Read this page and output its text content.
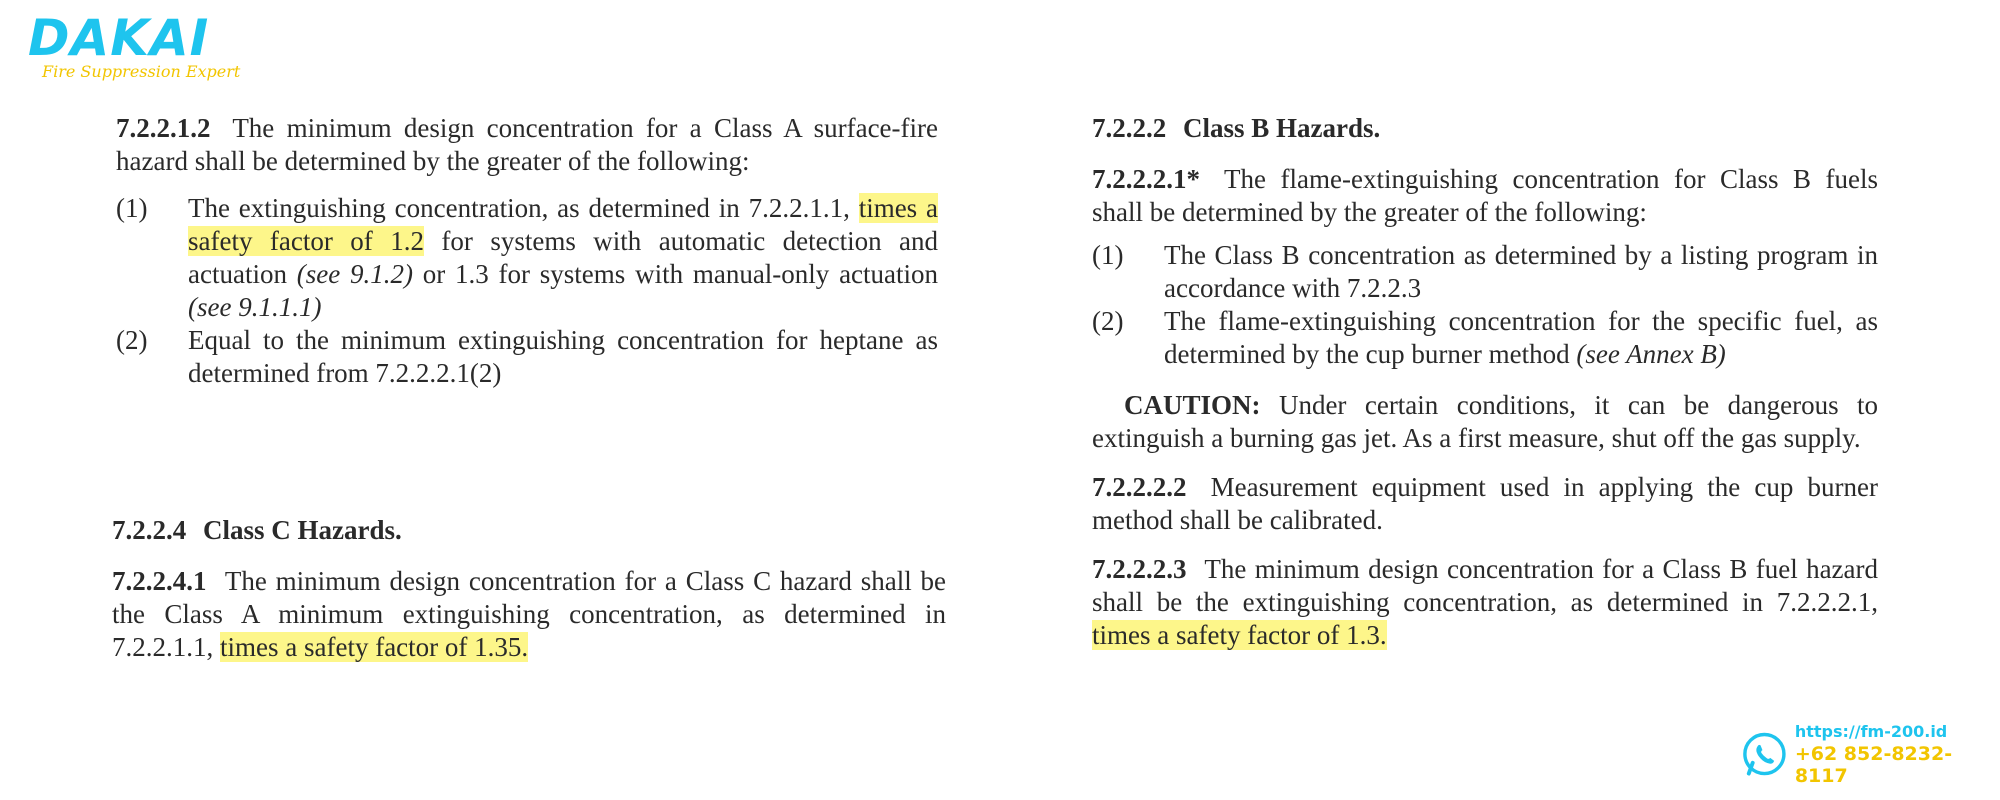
DAKAI
Fire Suppression Expert

7.2.2.1.2 The minimum design concentration for a Class A surface-fire hazard shall be determined by the greater of the following:

(1)	The extinguishing concentration, as determined in 7.2.2.1.1, times a safety factor of 1.2 for systems with automatic detection and actuation (see 9.1.2) or 1.3 for systems with manual-only actuation (see 9.1.1.1)
(2)	Equal to the minimum extinguishing concentration for heptane as determined from 7.2.2.2.1(2)

7.2.2.4 Class C Hazards.

7.2.2.4.1 The minimum design concentration for a Class C hazard shall be the Class A minimum extinguishing concentration, as determined in 7.2.2.1.1, times a safety factor of 1.35.

7.2.2.2 Class B Hazards.

7.2.2.2.1* The flame-extinguishing concentration for Class B fuels shall be determined by the greater of the following:

(1)	The Class B concentration as determined by a listing program in accordance with 7.2.2.3
(2)	The flame-extinguishing concentration for the specific fuel, as determined by the cup burner method (see Annex B)

CAUTION: Under certain conditions, it can be dangerous to extinguish a burning gas jet. As a first measure, shut off the gas supply.

7.2.2.2.2 Measurement equipment used in applying the cup burner method shall be calibrated.

7.2.2.2.3 The minimum design concentration for a Class B fuel hazard shall be the extinguishing concentration, as determined in 7.2.2.2.1, times a safety factor of 1.3.

https://fm-200.id
+62 852-8232-8117
